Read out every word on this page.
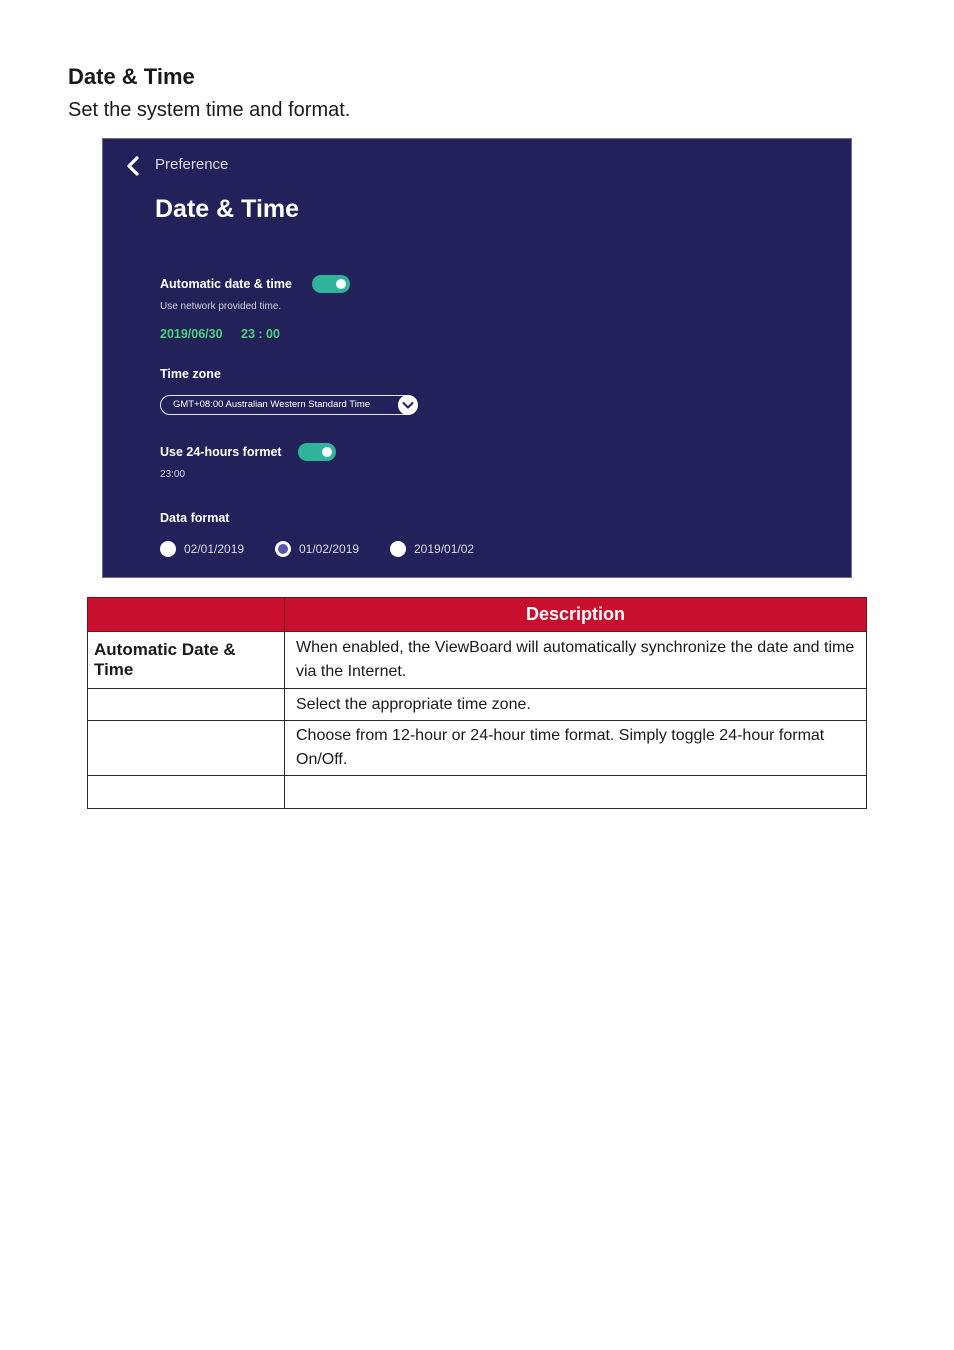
Date & Time

Set the system time and format.

Preference
Date & Time
Automatic date & time
Use network provided time.
2019/06/30 23 : 00
Time zone
GMT+08:00 Australian Western Standard Time
Use 24-hours formet
23:00
Data format
02/01/2019	01/02/2019	2019/01/02
	Description
Automatic Date & Time	When enabled, the ViewBoard will automatically synchronize the date and time via the Internet.
	Select the appropriate time zone.
	Choose from 12-hour or 24-hour time format. Simply toggle 24-hour format On/Off.
